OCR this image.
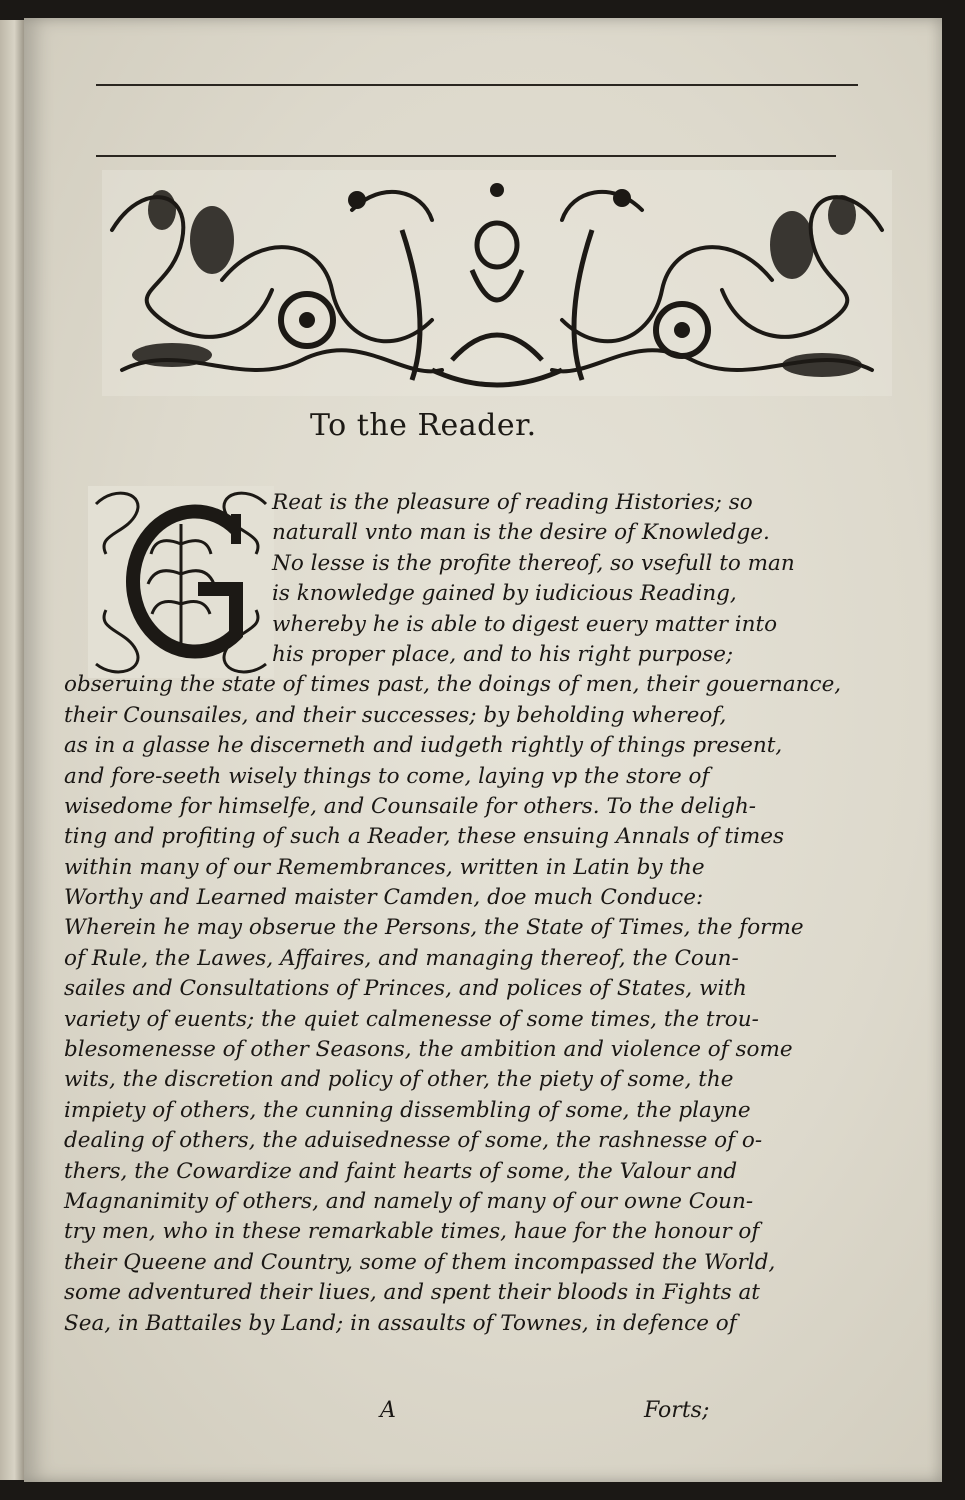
To the Reader.
Reat is the pleasure of reading Histories; so
naturall vnto man is the desire of Knowledge.
No lesse is the profite thereof, so vsefull to man
is knowledge gained by iudicious Reading,
whereby he is able to digest euery matter into
his proper place, and to his right purpose;
obseruing the state of times past, the doings of men, their gouernance,
their Counsailes, and their successes; by beholding whereof,
as in a glasse he discerneth and iudgeth rightly of things present,
and fore-seeth wisely things to come, laying vp the store of
wisedome for himselfe, and Counsaile for others. To the deligh-
ting and profiting of such a Reader, these ensuing Annals of times
within many of our Remembrances, written in Latin by the
Worthy and Learned maister Camden, doe much Conduce:
Wherein he may obserue the Persons, the State of Times, the forme
of Rule, the Lawes, Affaires, and managing thereof, the Coun-
sailes and Consultations of Princes, and polices of States, with
variety of euents; the quiet calmenesse of some times, the trou-
blesomenesse of other Seasons, the ambition and violence of some
wits, the discretion and policy of other, the piety of some, the
impiety of others, the cunning dissembling of some, the playne
dealing of others, the aduisednesse of some, the rashnesse of o-
thers, the Cowardize and faint hearts of some, the Valour and
Magnanimity of others, and namely of many of our owne Coun-
try men, who in these remarkable times, haue for the honour of
their Queene and Country, some of them incompassed the World,
some adventured their liues, and spent their bloods in Fights at
Sea, in Battailes by Land; in assaults of Townes, in defence of
A	Forts;
